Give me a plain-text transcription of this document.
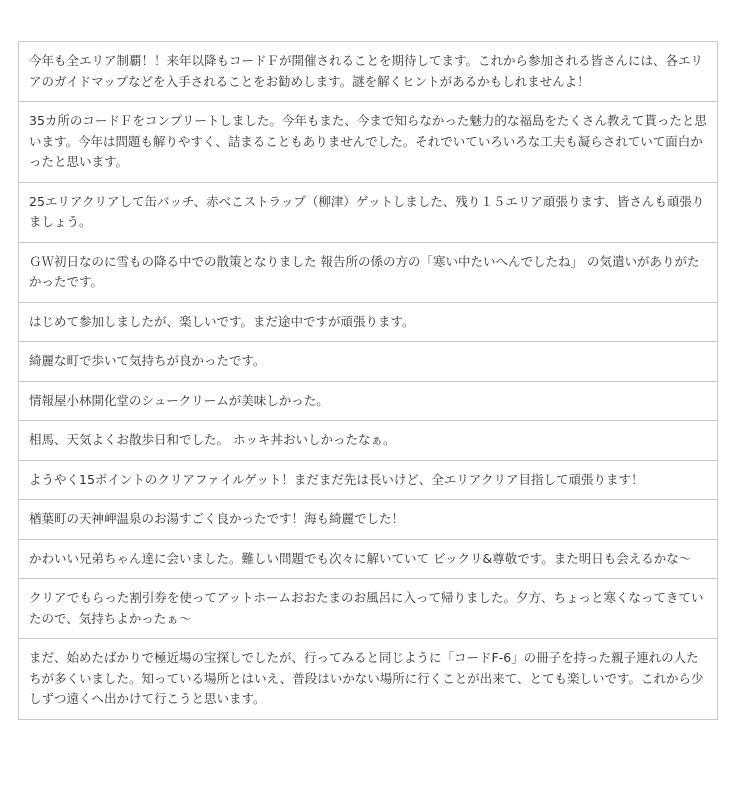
今年も全エリア制覇！！来年以降もコードＦが開催されることを期待してます。これから参加される皆さんには、各エリアのガイドマップなどを入手されることをお勧めします。謎を解くヒントがあるかもしれませんよ！
35カ所のコードＦをコンプリートしました。今年もまた、今まで知らなかった魅力的な福島をたくさん教えて貰ったと思います。今年は問題も解りやすく、詰まることもありませんでした。それでいていろいろな工夫も凝らされていて面白かったと思います。
25エリアクリアして缶バッチ、赤べこストラップ（柳津）ゲットしました、残り１５エリア頑張ります、皆さんも頑張りましょう。
ＧＷ初日なのに雪もの降る中での散策となりました 報告所の係の方の「寒い中たいへんでしたね」 の気遣いがありがたかったです。
はじめて参加しましたが、楽しいです。まだ途中ですが頑張ります。
綺麗な町で歩いて気持ちが良かったです。
情報屋小林開化堂のシュークリームが美味しかった。
相馬、天気よくお散歩日和でした。 ホッキ丼おいしかったなぁ。
ようやく15ポイントのクリアファイルゲット！まだまだ先は長いけど、全エリアクリア目指して頑張ります！
楢葉町の天神岬温泉のお湯すごく良かったです！海も綺麗でした！
かわいい兄弟ちゃん達に会いました。難しい問題でも次々に解いていて ビックリ&尊敬です。また明日も会えるかな〜
クリアでもらった割引券を使ってアットホームおおたまのお風呂に入って帰りました。夕方、ちょっと寒くなってきていたので、気持ちよかったぁ〜
まだ、始めたばかりで極近場の宝探しでしたが、行ってみると同じように「コードF-6」の冊子を持った親子連れの人たちが多くいました。知っている場所とはいえ、普段はいかない場所に行くことが出来て、とても楽しいです。これから少しずつ遠くへ出かけて行こうと思います。
